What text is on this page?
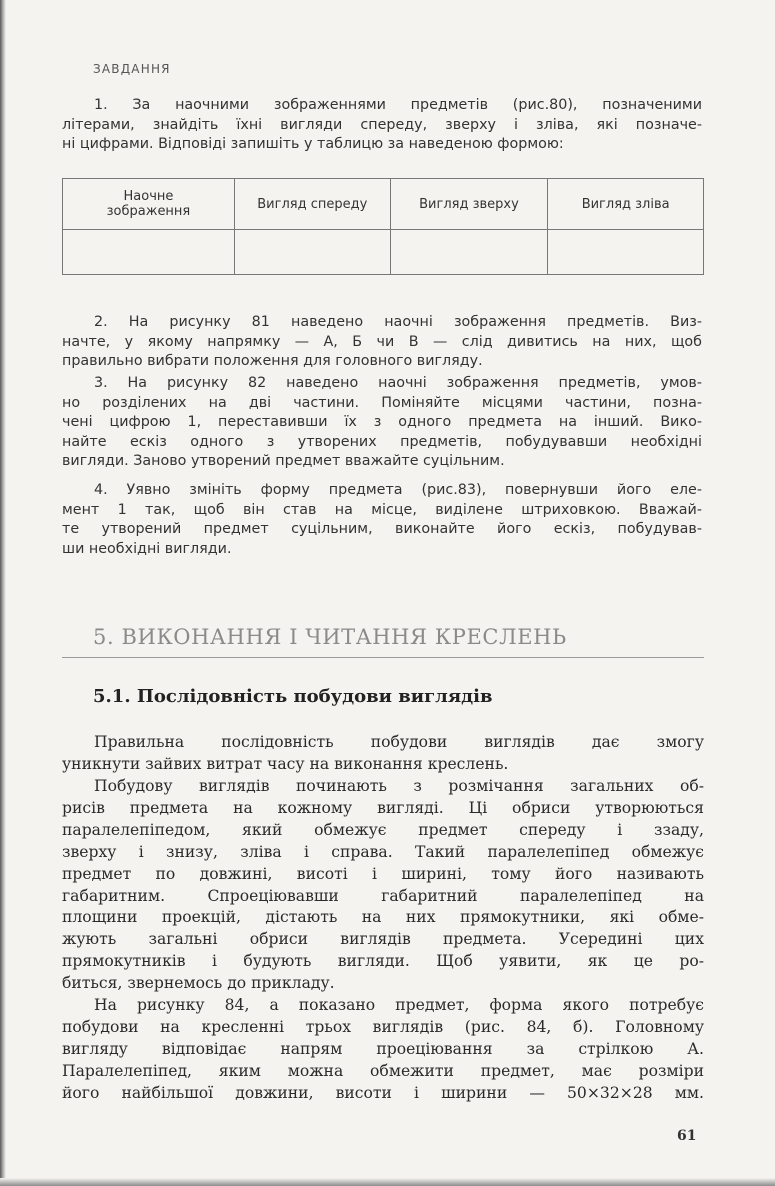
ЗАВДАННЯ
1. За наочними зображеннями предметів (рис.80), позначеними
літерами, знайдіть їхні вигляди спереду, зверху і зліва, які позначе-
ні цифрами. Відповіді запишіть у таблицю за наведеною формою:
Наочне
зображення	Вигляд спереду	Вигляд зверху	Вигляд зліва

2. На рисунку 81 наведено наочні зображення предметів. Виз-
начте, у якому напрямку — А, Б чи В — слід дивитись на них, щоб
правильно вибрати положення для головного вигляду.
3. На рисунку 82 наведено наочні зображення предметів, умов-
но розділених на дві частини. Поміняйте місцями частини, позна-
чені цифрою 1, переставивши їх з одного предмета на інший. Вико-
найте ескіз одного з утворених предметів, побудувавши необхідні
вигляди. Заново утворений предмет вважайте суцільним.
4. Уявно змініть форму предмета (рис.83), повернувши його еле-
мент 1 так, щоб він став на місце, виділене штриховкою. Вважай-
те утворений предмет суцільним, виконайте його ескіз, побудував-
ши необхідні вигляди.
5. ВИКОНАННЯ І ЧИТАННЯ КРЕСЛЕНЬ
5.1. Послідовність побудови виглядів
Правильна послідовність побудови виглядів дає змогу
уникнути зайвих витрат часу на виконання креслень.
Побудову виглядів починають з розмічання загальних об-
рисів предмета на кожному вигляді. Ці обриси утворюються
паралелепіпедом, який обмежує предмет спереду і ззаду,
зверху і знизу, зліва і справа. Такий паралелепіпед обмежує
предмет по довжині, висоті і ширині, тому його називають
габаритним. Спроеціювавши габаритний паралелепіпед на
площини проекцій, дістають на них прямокутники, які обме-
жують загальні обриси виглядів предмета. Усередині цих
прямокутників і будують вигляди. Щоб уявити, як це ро-
биться, звернемось до прикладу.
На рисунку 84, а показано предмет, форма якого потребує
побудови на кресленні трьох виглядів (рис. 84, б). Головному
вигляду відповідає напрям проеціювання за стрілкою А.
Паралелепіпед, яким можна обмежити предмет, має розміри
його найбільшої довжини, висоти і ширини — 50×32×28 мм.
61
